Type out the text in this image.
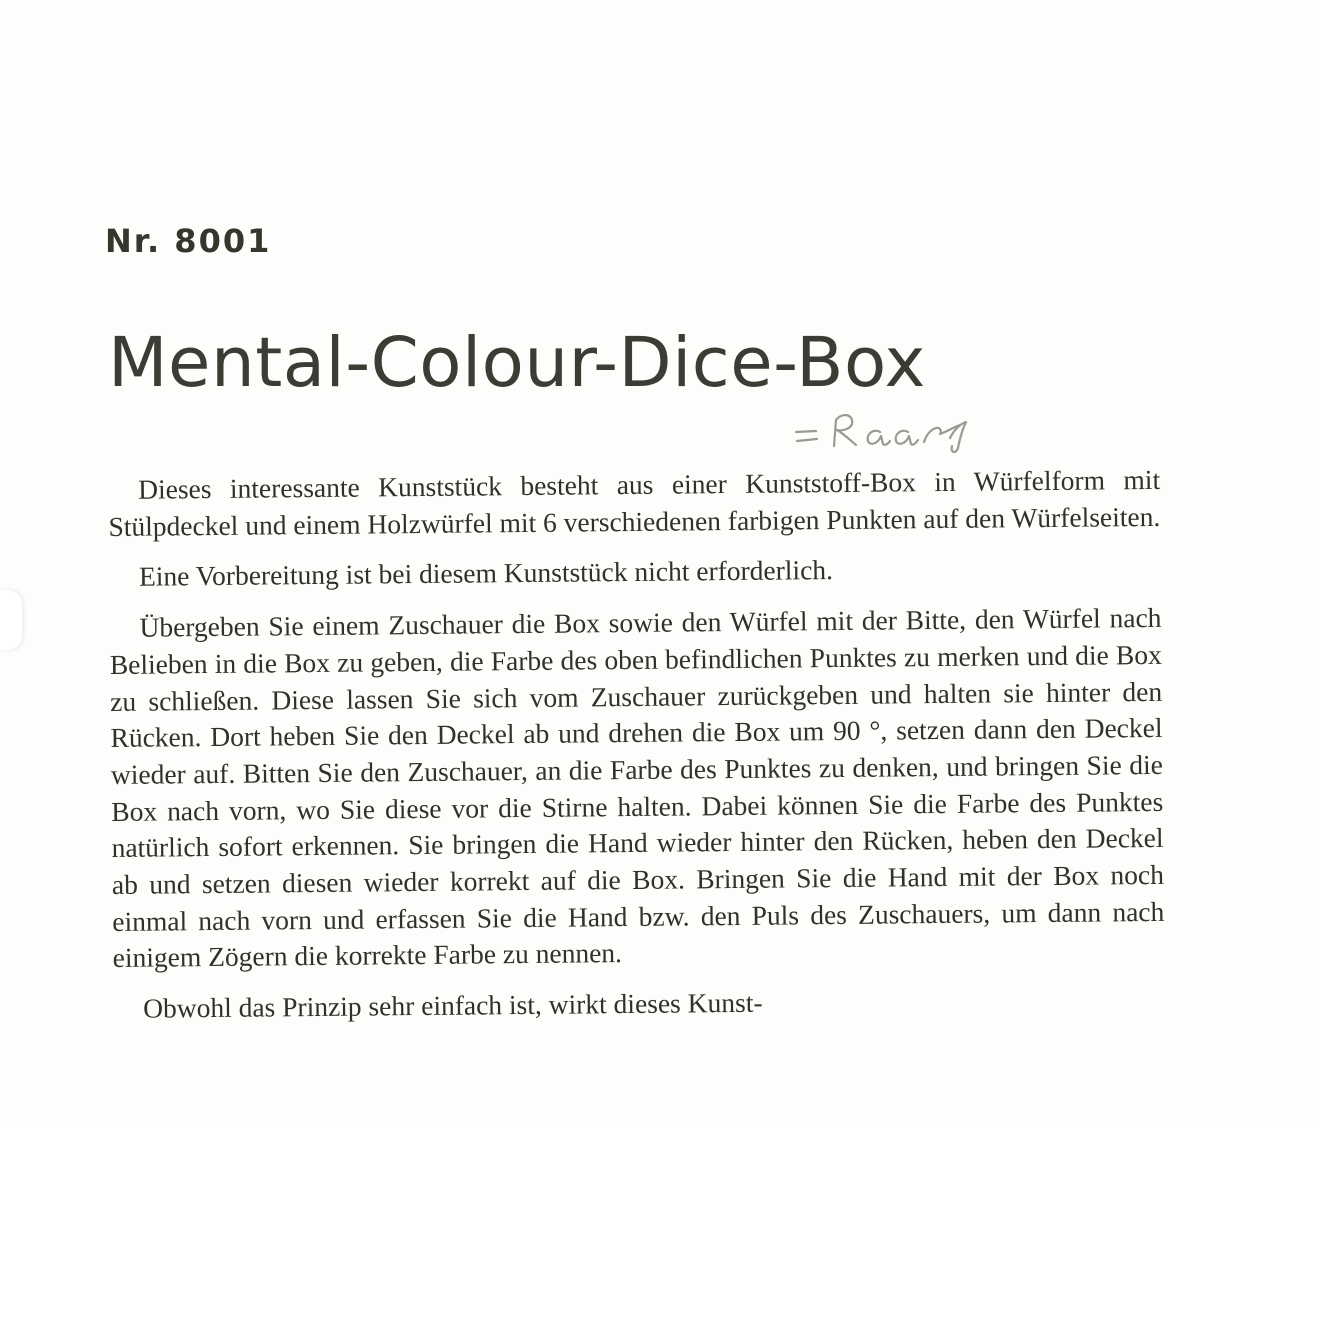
Nr. 8001
Mental-Colour-Dice-Box

Dieses interessante Kunststück besteht aus einer Kunststoff-Box in Würfelform mit Stülpdeckel und einem Holzwürfel mit 6 verschiedenen farbigen Punkten auf den Würfelseiten.

Eine Vorbereitung ist bei diesem Kunststück nicht erforderlich.

Übergeben Sie einem Zuschauer die Box sowie den Würfel mit der Bitte, den Würfel nach Belieben in die Box zu geben, die Farbe des oben befindlichen Punktes zu merken und die Box zu schließen. Diese lassen Sie sich vom Zuschauer zurückgeben und halten sie hinter den Rücken. Dort heben Sie den Deckel ab und drehen die Box um 90 °, setzen dann den Deckel wieder auf. Bitten Sie den Zuschauer, an die Farbe des Punktes zu denken, und bringen Sie die Box nach vorn, wo Sie diese vor die Stirne halten. Dabei können Sie die Farbe des Punktes natürlich sofort erkennen. Sie bringen die Hand wieder hinter den Rücken, heben den Deckel ab und setzen diesen wieder korrekt auf die Box. Bringen Sie die Hand mit der Box noch einmal nach vorn und erfassen Sie die Hand bzw. den Puls des Zuschauers, um dann nach einigem Zögern die korrekte Farbe zu nennen.

Obwohl das Prinzip sehr einfach ist, wirkt dieses Kunst-
